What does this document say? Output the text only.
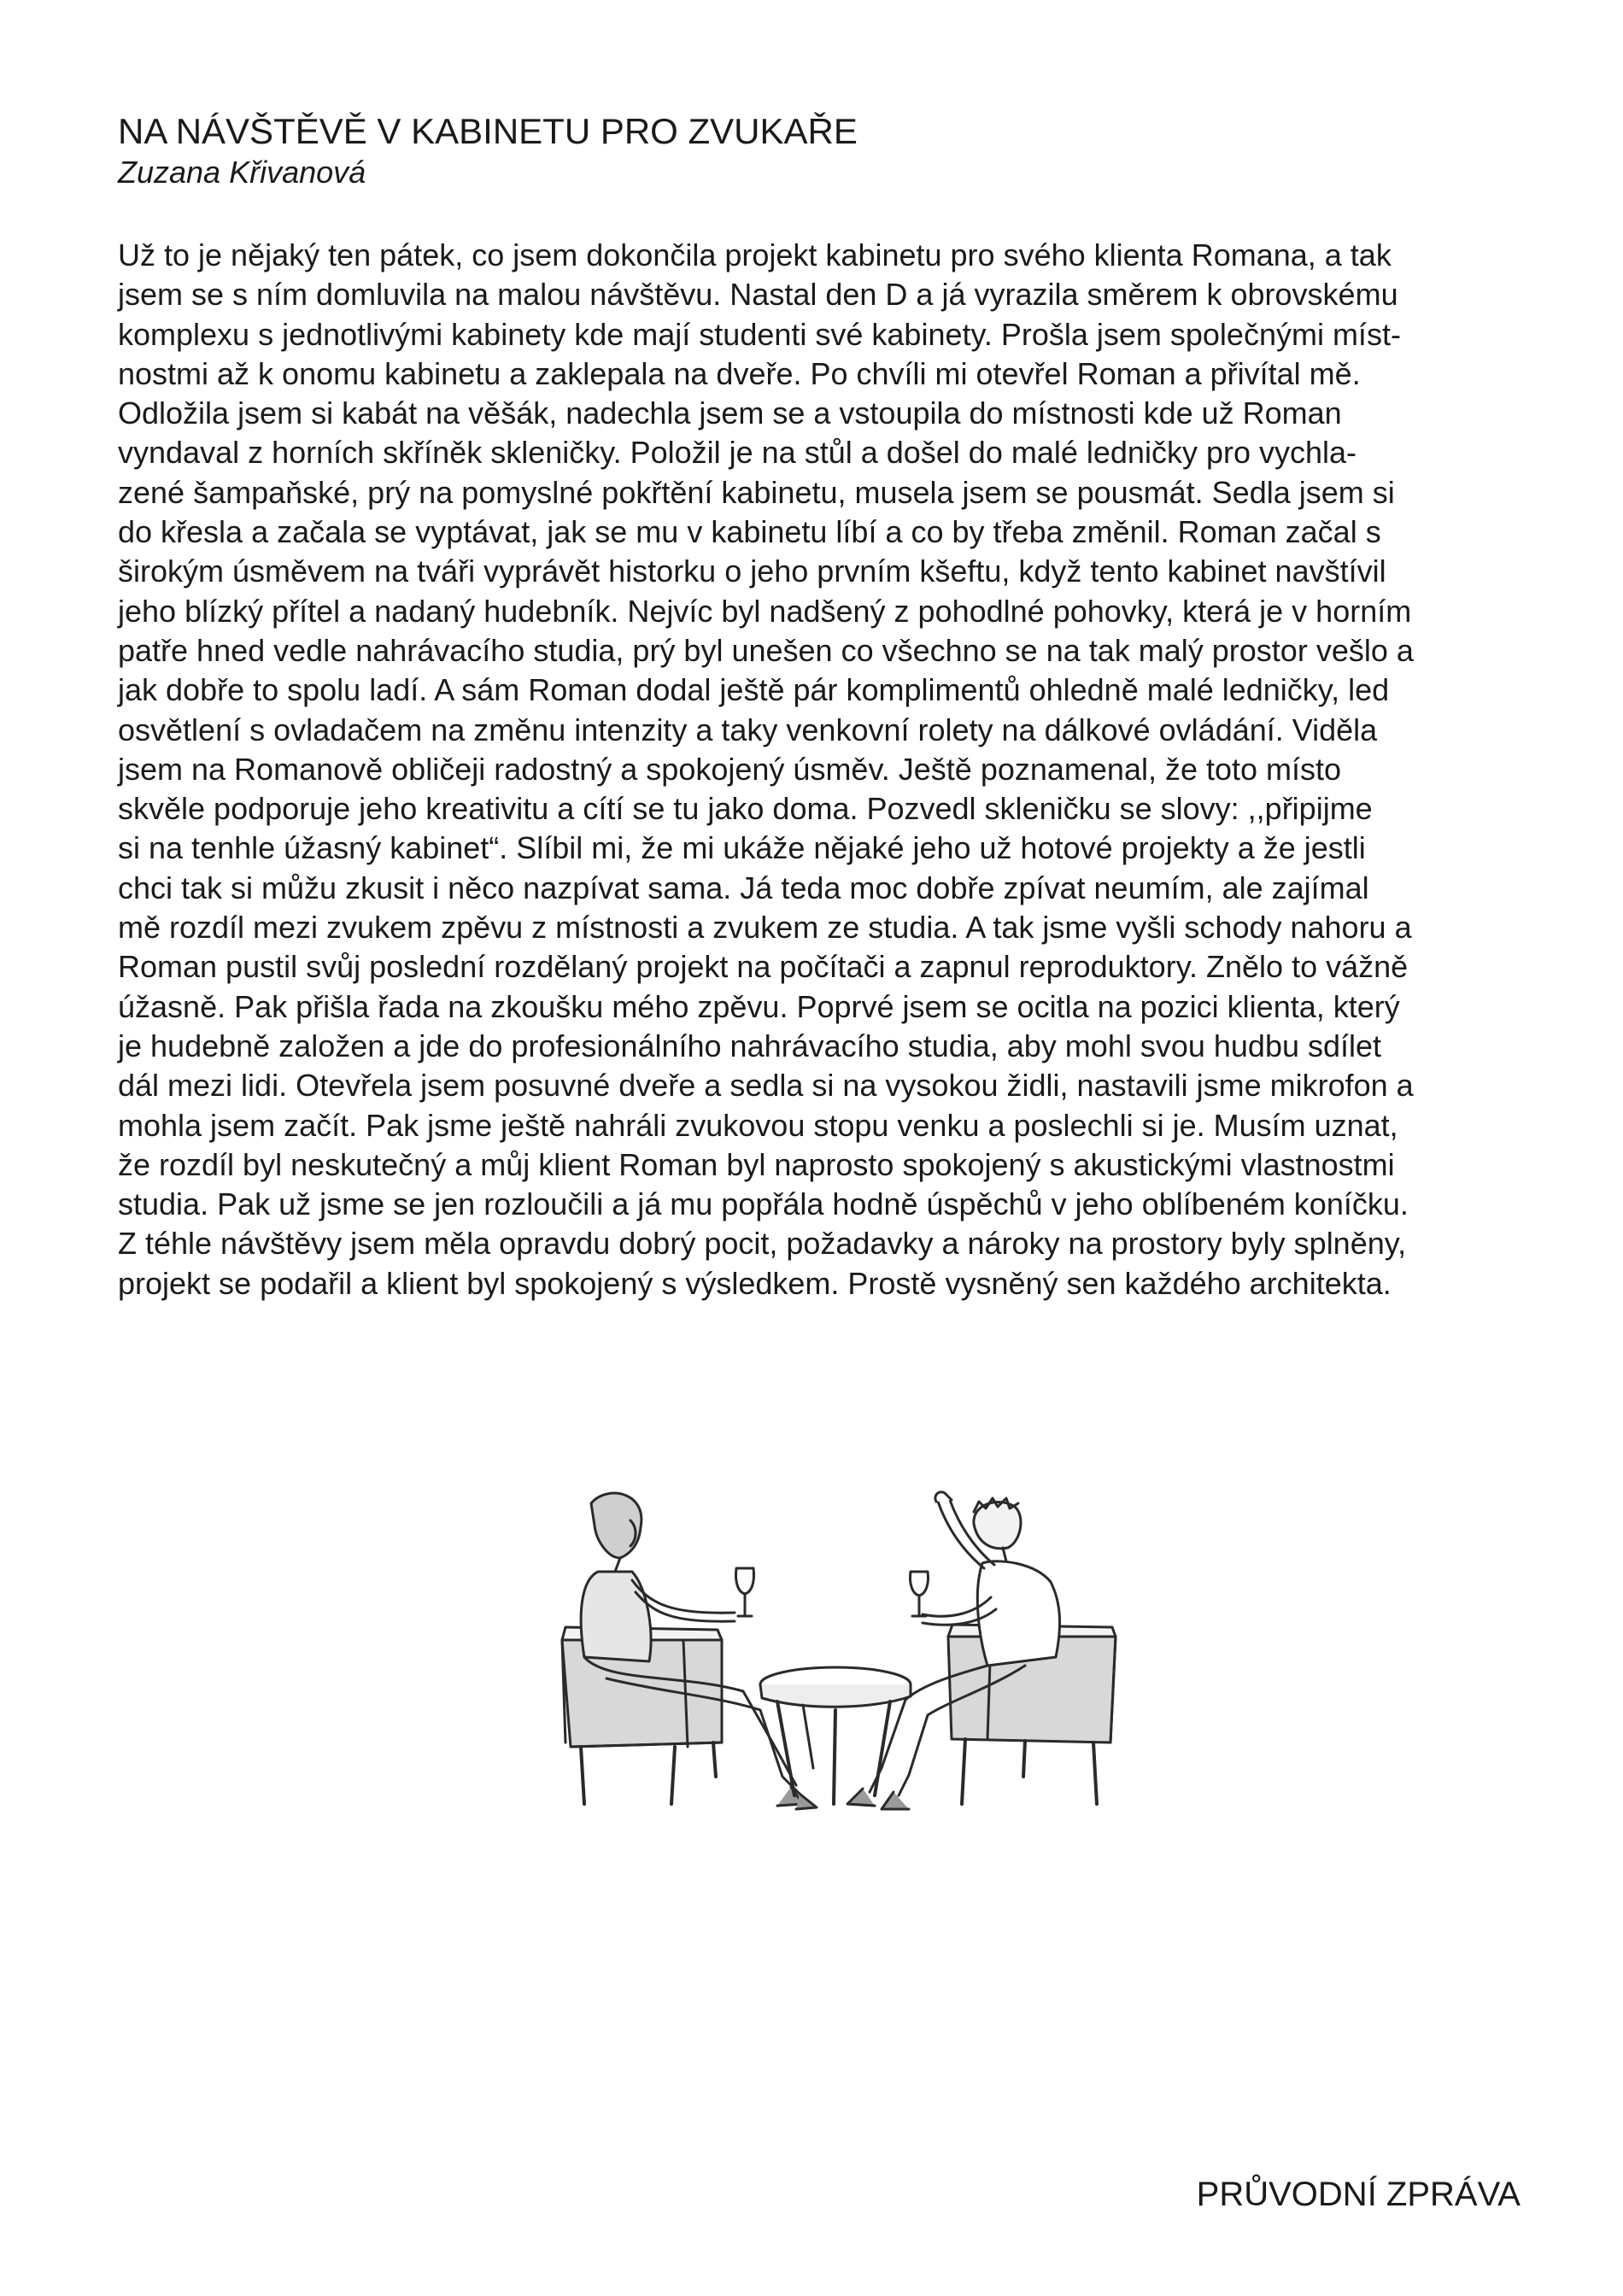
NA NÁVŠTĚVĚ V KABINETU PRO ZVUKAŘE
Zuzana Křivanová
Už to je nějaký ten pátek, co jsem dokončila projekt kabinetu pro svého klienta Romana, a tak
jsem se s ním domluvila na malou návštěvu. Nastal den D a já vyrazila směrem k obrovskému
komplexu s jednotlivými kabinety kde mají studenti své kabinety. Prošla jsem společnými míst-
nostmi až k onomu kabinetu a zaklepala na dveře. Po chvíli mi otevřel Roman a přivítal mě.
Odložila jsem si kabát na věšák, nadechla jsem se a vstoupila do místnosti kde už Roman
vyndaval z horních skříněk skleničky. Položil je na stůl a došel do malé ledničky pro vychla-
zené šampaňské, prý na pomyslné pokřtění kabinetu, musela jsem se pousmát. Sedla jsem si
do křesla a začala se vyptávat, jak se mu v kabinetu líbí a co by třeba změnil. Roman začal s
širokým úsměvem na tváři vyprávět historku o jeho prvním kšeftu, když tento kabinet navštívil
jeho blízký přítel a nadaný hudebník. Nejvíc byl nadšený z pohodlné pohovky, která je v horním
patře hned vedle nahrávacího studia, prý byl unešen co všechno se na tak malý prostor vešlo a
jak dobře to spolu ladí. A sám Roman dodal ještě pár komplimentů ohledně malé ledničky, led
osvětlení s ovladačem na změnu intenzity a taky venkovní rolety na dálkové ovládání. Viděla
jsem na Romanově obličeji radostný a spokojený úsměv. Ještě poznamenal, že toto místo
skvěle podporuje jeho kreativitu a cítí se tu jako doma. Pozvedl skleničku se slovy: ,,připijme
si na tenhle úžasný kabinet“. Slíbil mi, že mi ukáže nějaké jeho už hotové projekty a že jestli
chci tak si můžu zkusit i něco nazpívat sama. Já teda moc dobře zpívat neumím, ale zajímal
mě rozdíl mezi zvukem zpěvu z místnosti a zvukem ze studia. A tak jsme vyšli schody nahoru a
Roman pustil svůj poslední rozdělaný projekt na počítači a zapnul reproduktory. Znělo to vážně
úžasně. Pak přišla řada na zkoušku mého zpěvu. Poprvé jsem se ocitla na pozici klienta, který
je hudebně založen a jde do profesionálního nahrávacího studia, aby mohl svou hudbu sdílet
dál mezi lidi. Otevřela jsem posuvné dveře a sedla si na vysokou židli, nastavili jsme mikrofon a
mohla jsem začít. Pak jsme ještě nahráli zvukovou stopu venku a poslechli si je. Musím uznat,
že rozdíl byl neskutečný a můj klient Roman byl naprosto spokojený s akustickými vlastnostmi
studia. Pak už jsme se jen rozloučili a já mu popřála hodně úspěchů v jeho oblíbeném koníčku.
Z téhle návštěvy jsem měla opravdu dobrý pocit, požadavky a nároky na prostory byly splněny,
projekt se podařil a klient byl spokojený s výsledkem. Prostě vysněný sen každého architekta.
PRŮVODNÍ ZPRÁVA
